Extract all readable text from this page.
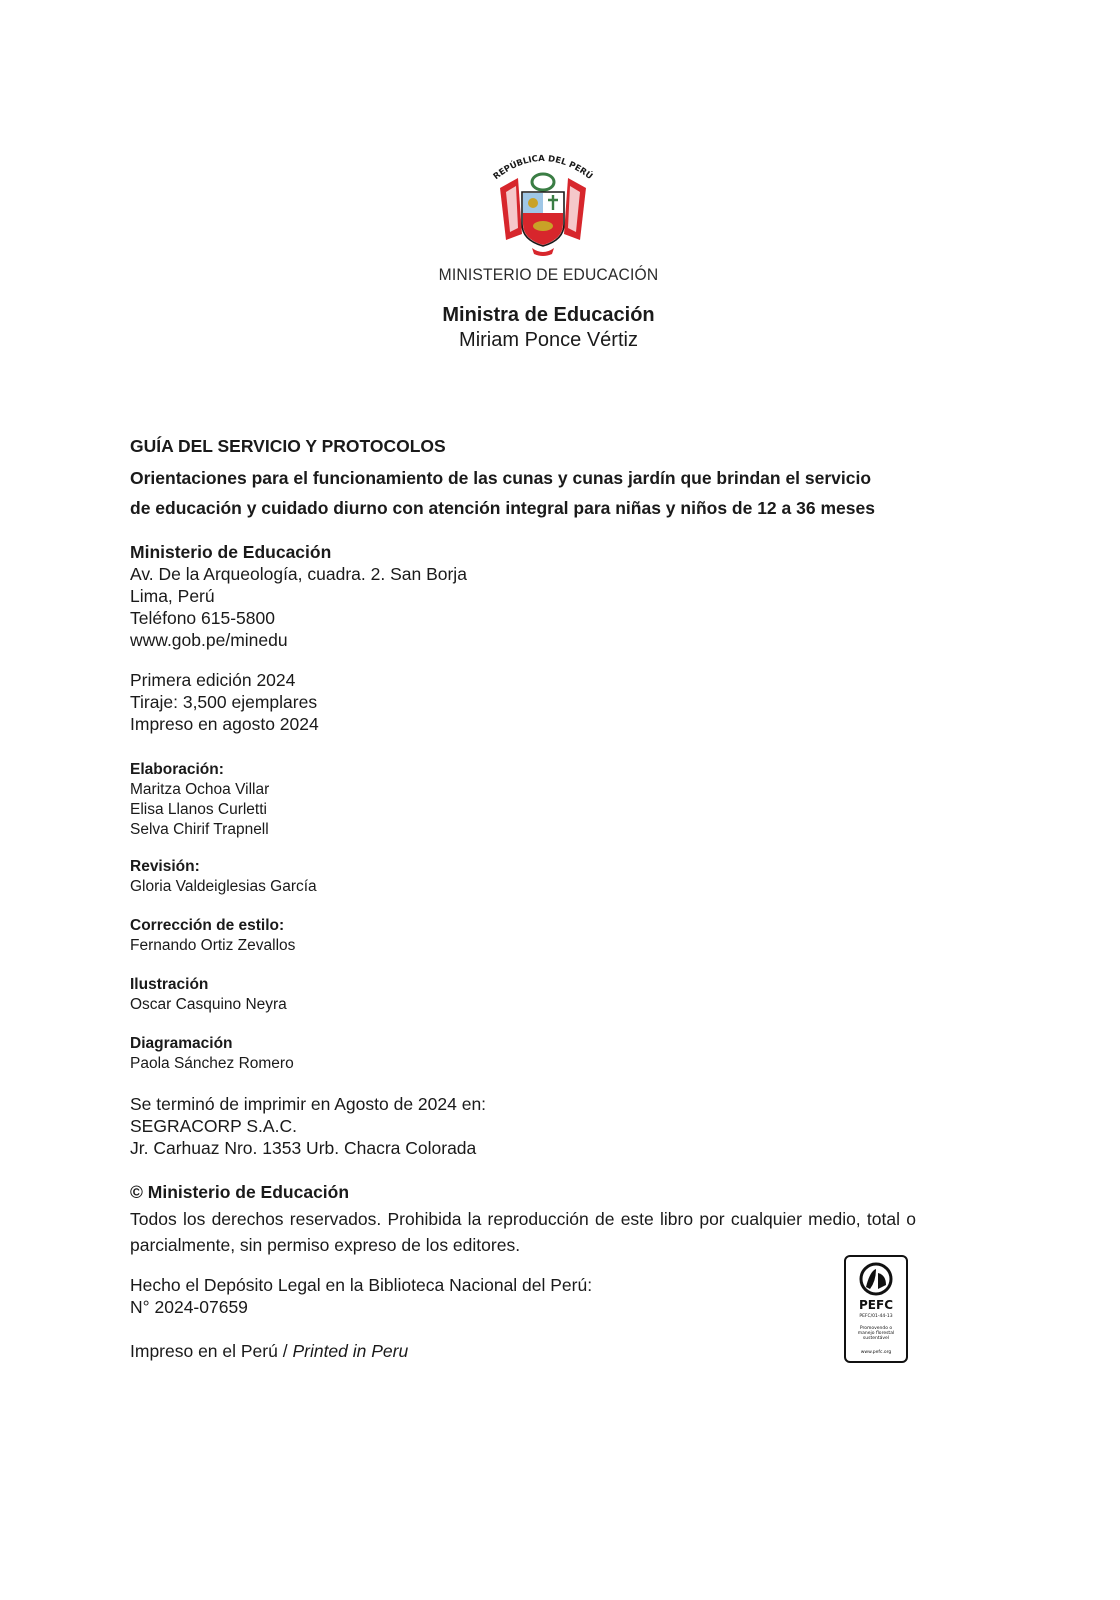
REPÚBLICA DEL PERÚ
MINISTERIO DE EDUCACIÓN
Ministra de Educación
Miriam Ponce Vértiz
GUÍA DEL SERVICIO Y PROTOCOLOS
Orientaciones para el funcionamiento de las cunas y cunas jardín que brindan el servicio
de educación y cuidado diurno con atención integral para niñas y niños de 12 a 36 meses
Ministerio de Educación
Av. De la Arqueología, cuadra. 2. San Borja
Lima, Perú
Teléfono 615-5800
www.gob.pe/minedu
Primera edición 2024
Tiraje: 3,500 ejemplares
Impreso en agosto 2024
Elaboración:
Maritza Ochoa Villar
Elisa Llanos Curletti
Selva Chirif Trapnell
Revisión:
Gloria Valdeiglesias García
Corrección de estilo:
Fernando Ortiz Zevallos
Ilustración
Oscar Casquino Neyra
Diagramación
Paola Sánchez Romero
Se terminó de imprimir en Agosto de 2024 en:
SEGRACORP S.A.C.
Jr. Carhuaz Nro. 1353 Urb. Chacra Colorada
© Ministerio de Educación
Todos los derechos reservados. Prohibida la reproducción de este libro por cualquier medio, total o parcialmente, sin permiso expreso de los editores.
Hecho el Depósito Legal en la Biblioteca Nacional del Perú:
N° 2024-07659
Impreso en el Perú / Printed in Peru
PEFC
PEFC/01-44-13
Promovendo o
manejo florestal
sustentável
www.pefc.org
